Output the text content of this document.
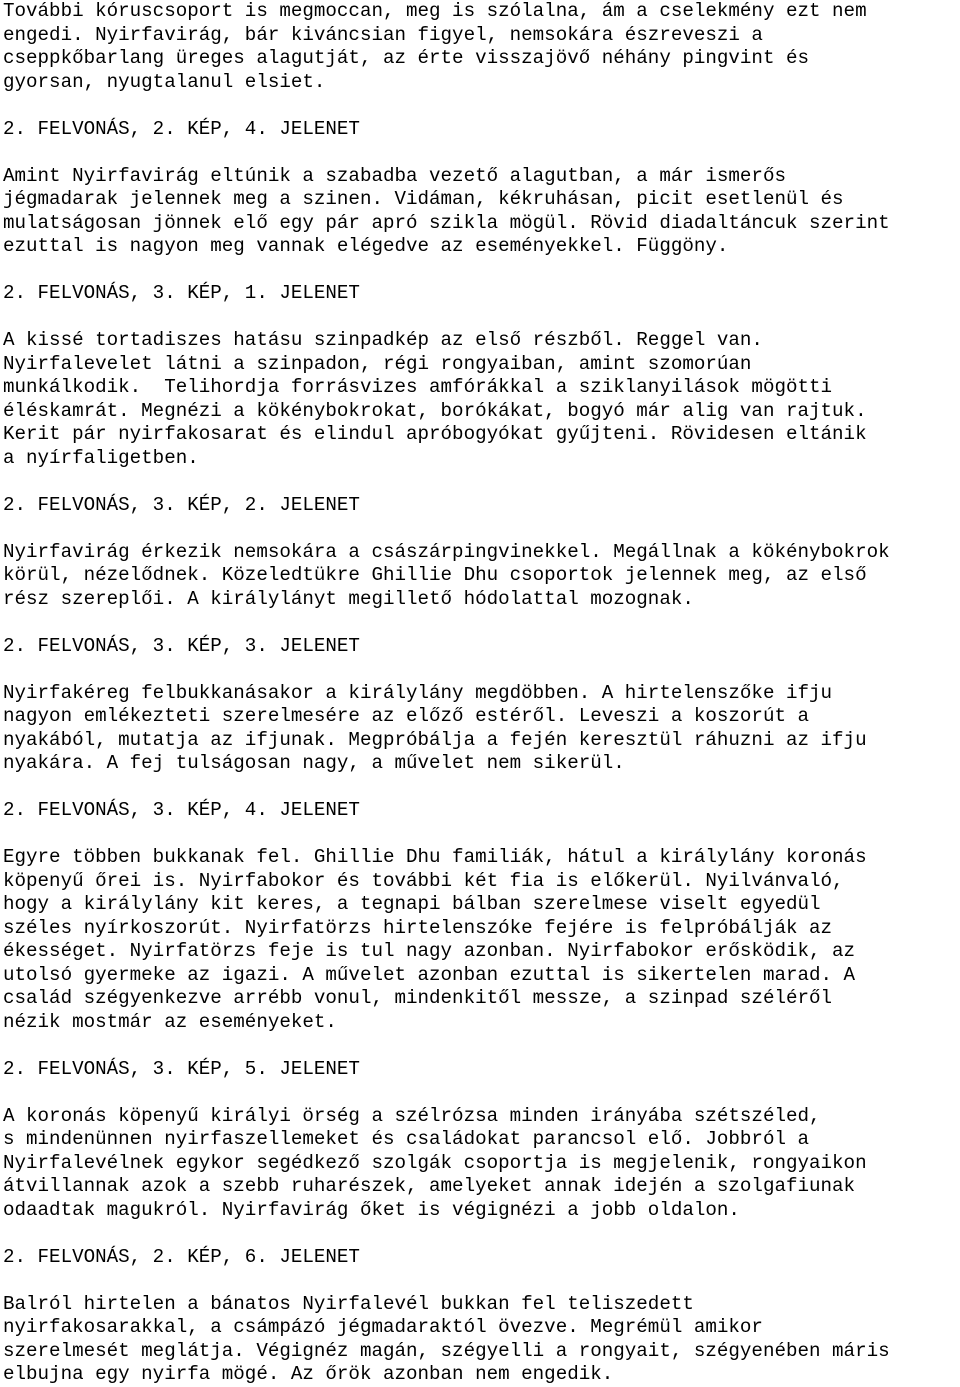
További kóruscsoport is megmoccan, meg is szólalna, ám a cselekmény ezt nem
engedi. Nyirfavirág, bár kiváncsian figyel, nemsokára észreveszi a
cseppkőbarlang üreges alagutját, az érte visszajövő néhány pingvint és
gyorsan, nyugtalanul elsiet.
2. FELVONÁS, 2. KÉP, 4. JELENET
Amint Nyirfavirág eltúnik a szabadba vezető alagutban, a már ismerős
jégmadarak jelennek meg a szinen. Vidáman, kékruhásan, picit esetlenül és
mulatságosan jönnek elő egy pár apró szikla mögül. Rövid diadaltáncuk szerint
ezuttal is nagyon meg vannak elégedve az eseményekkel. Függöny.
2. FELVONÁS, 3. KÉP, 1. JELENET
A kissé tortadiszes hatásu szinpadkép az első részből. Reggel van.
Nyirfalevelet látni a szinpadon, régi rongyaiban, amint szomorúan
munkálkodik.  Telihordja forrásvizes amfórákkal a sziklanyilások mögötti
éléskamrát. Megnézi a kökénybokrokat, borókákat, bogyó már alig van rajtuk.
Kerit pár nyirfakosarat és elindul apróbogyókat gyűjteni. Rövidesen eltánik
a nyírfaligetben.
2. FELVONÁS, 3. KÉP, 2. JELENET
Nyirfavirág érkezik nemsokára a császárpingvinekkel. Megállnak a kökénybokrok
körül, nézelődnek. Közeledtükre Ghillie Dhu csoportok jelennek meg, az első
rész szereplői. A királylányt megillető hódolattal mozognak.
2. FELVONÁS, 3. KÉP, 3. JELENET
Nyirfakéreg felbukkanásakor a királylány megdöbben. A hirtelenszőke ifju
nagyon emlékezteti szerelmesére az előző estéről. Leveszi a koszorút a
nyakából, mutatja az ifjunak. Megpróbálja a fején keresztül ráhuzni az ifju
nyakára. A fej tulságosan nagy, a művelet nem sikerül.
2. FELVONÁS, 3. KÉP, 4. JELENET
Egyre többen bukkanak fel. Ghillie Dhu familiák, hátul a királylány koronás
köpenyű őrei is. Nyirfabokor és további két fia is előkerül. Nyilvánvaló,
hogy a királylány kit keres, a tegnapi bálban szerelmese viselt egyedül
széles nyírkoszorút. Nyirfatörzs hirtelenszóke fejére is felpróbálják az
ékességet. Nyirfatörzs feje is tul nagy azonban. Nyirfabokor erősködik, az
utolsó gyermeke az igazi. A művelet azonban ezuttal is sikertelen marad. A
család szégyenkezve arrébb vonul, mindenkitől messze, a szinpad széléről
nézik mostmár az eseményeket.
2. FELVONÁS, 3. KÉP, 5. JELENET
A koronás köpenyű királyi örség a szélrózsa minden irányába szétszéled,
s mindenünnen nyirfaszellemeket és családokat parancsol elő. Jobbról a
Nyirfalevélnek egykor segédkező szolgák csoportja is megjelenik, rongyaikon
átvillannak azok a szebb ruharészek, amelyeket annak idején a szolgafiunak
odaadtak magukról. Nyirfavirág őket is végignézi a jobb oldalon.
2. FELVONÁS, 2. KÉP, 6. JELENET
Balról hirtelen a bánatos Nyirfalevél bukkan fel teliszedett
nyirfakosarakkal, a csámpázó jégmadaraktól övezve. Megrémül amikor
szerelmesét meglátja. Végignéz magán, szégyelli a rongyait, szégyenében máris
elbujna egy nyirfa mögé. Az őrök azonban nem engedik.
